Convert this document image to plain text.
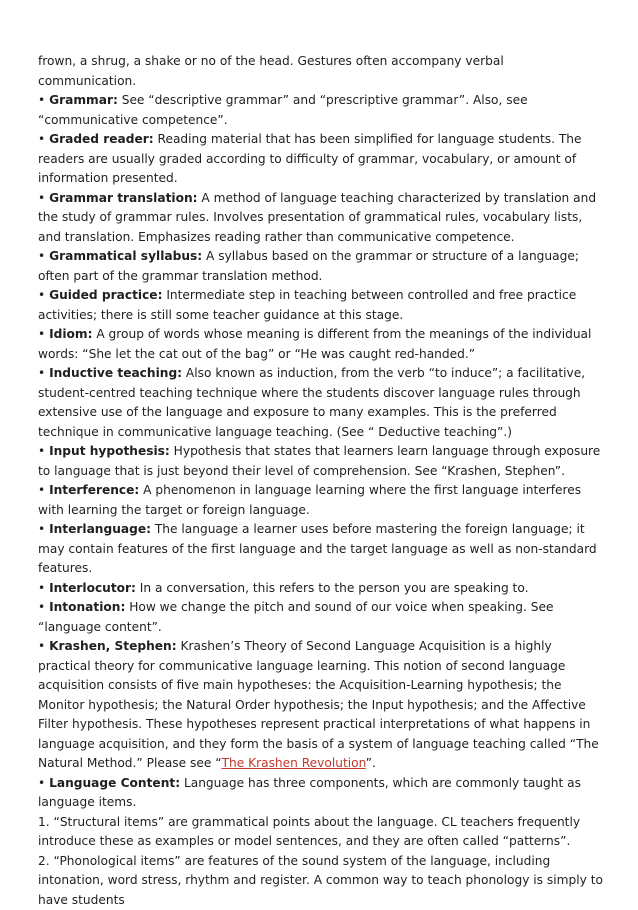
frown, a shrug, a shake or no of the head. Gestures often accompany verbal communication.

• Grammar: See “descriptive grammar” and “prescriptive grammar”. Also, see “communicative competence”.

• Graded reader: Reading material that has been simplified for language students. The readers are usually graded according to difficulty of grammar, vocabulary, or amount of information presented.

• Grammar translation: A method of language teaching characterized by translation and the study of grammar rules. Involves presentation of grammatical rules, vocabulary lists, and translation. Emphasizes reading rather than communicative competence.

• Grammatical syllabus: A syllabus based on the grammar or structure of a language; often part of the grammar translation method.

• Guided practice: Intermediate step in teaching between controlled and free practice activities; there is still some teacher guidance at this stage.

• Idiom: A group of words whose meaning is different from the meanings of the individual words: “She let the cat out of the bag” or “He was caught red-handed.”

• Inductive teaching: Also known as induction, from the verb “to induce”; a facilitative, student-centred teaching technique where the students discover language rules through extensive use of the language and exposure to many examples. This is the preferred technique in communicative language teaching. (See “ Deductive teaching”.)

• Input hypothesis: Hypothesis that states that learners learn language through exposure to language that is just beyond their level of comprehension. See “Krashen, Stephen”.

• Interference: A phenomenon in language learning where the first language interferes with learning the target or foreign language.

• Interlanguage: The language a learner uses before mastering the foreign language; it may contain features of the first language and the target language as well as non-standard features.

• Interlocutor: In a conversation, this refers to the person you are speaking to.

• Intonation: How we change the pitch and sound of our voice when speaking. See “language content”.

• Krashen, Stephen: Krashen’s Theory of Second Language Acquisition is a highly practical theory for communicative language learning. This notion of second language acquisition consists of five main hypotheses: the Acquisition-Learning hypothesis; the Monitor hypothesis; the Natural Order hypothesis; the Input hypothesis; and the Affective Filter hypothesis. These hypotheses represent practical interpretations of what happens in language acquisition, and they form the basis of a system of language teaching called “The Natural Method.” Please see “The Krashen Revolution”.

• Language Content: Language has three components, which are commonly taught as language items.

1. “Structural items” are grammatical points about the language. CL teachers frequently introduce these as examples or model sentences, and they are often called “patterns”.

2. “Phonological items” are features of the sound system of the language, including intonation, word stress, rhythm and register. A common way to teach phonology is simply to have students
